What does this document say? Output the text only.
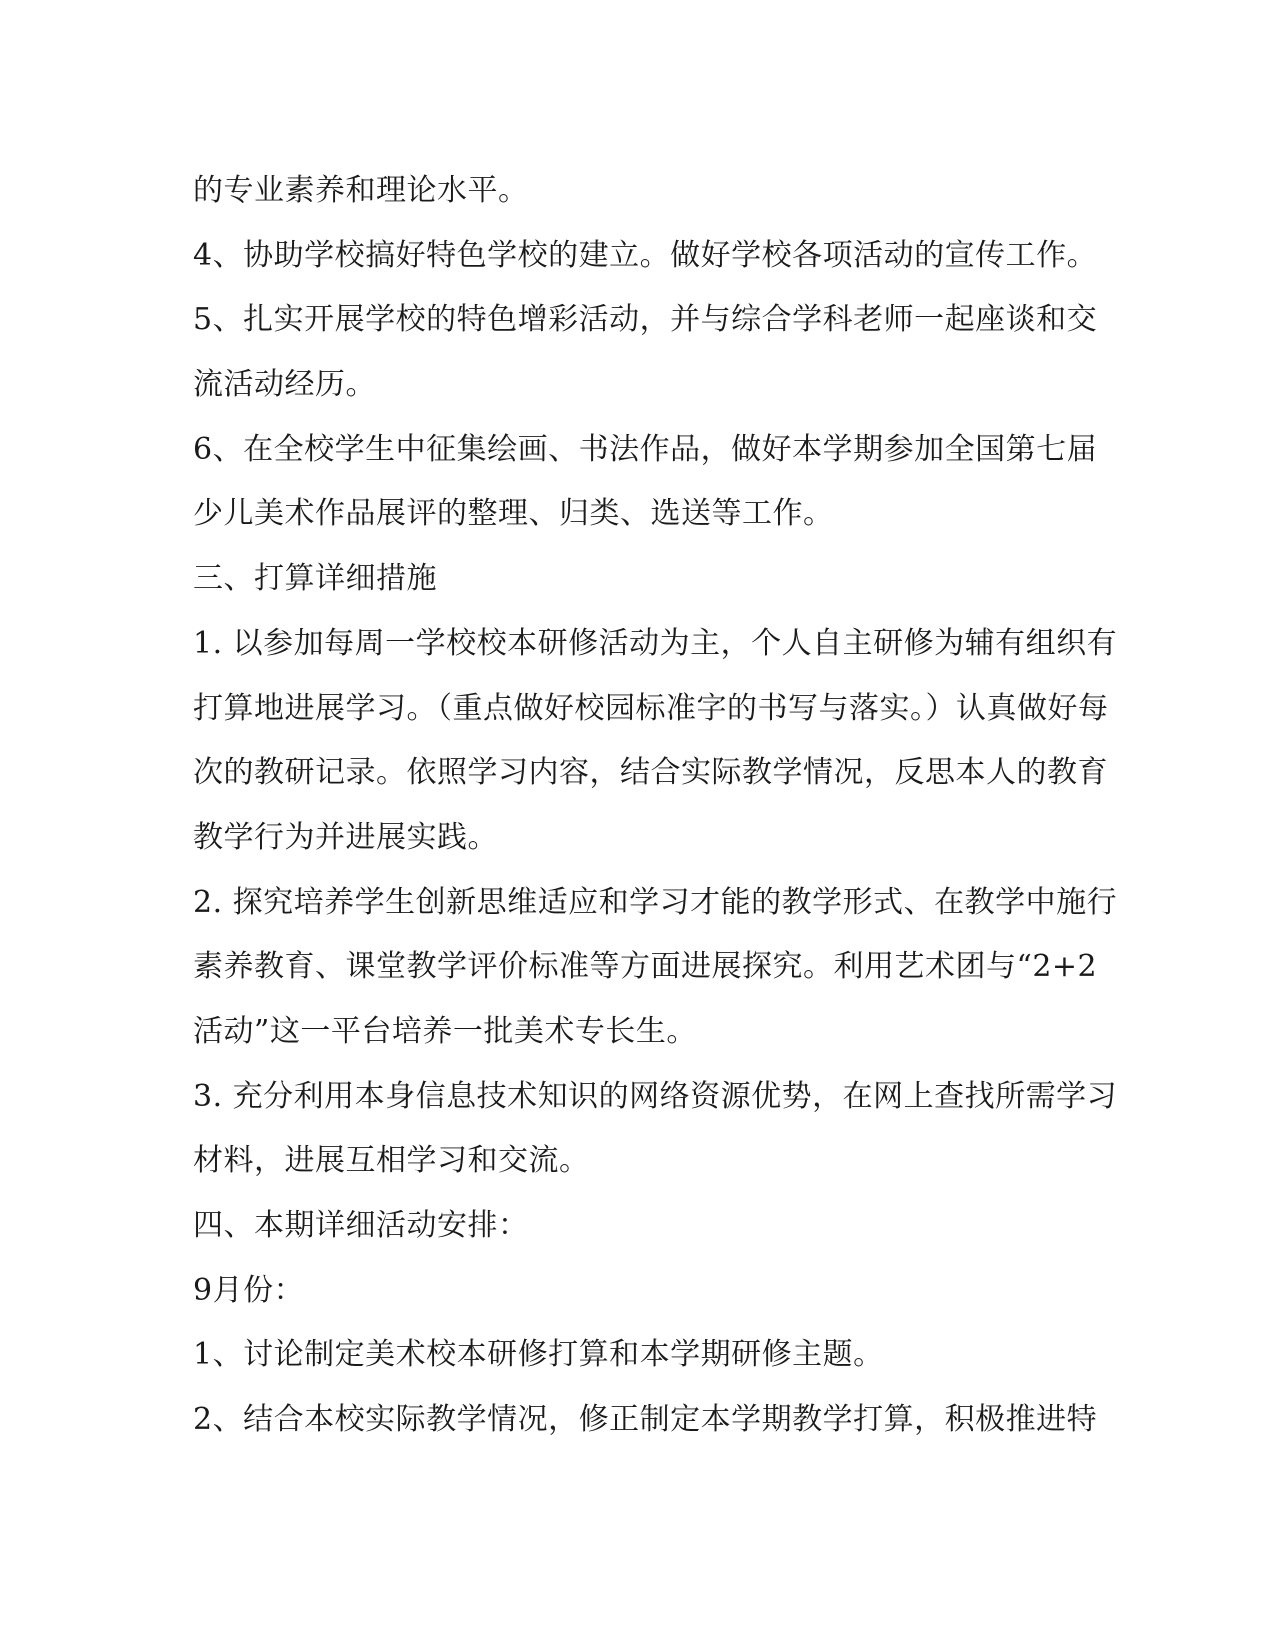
的专业素养和理论水平。
4、协助学校搞好特色学校的建立。做好学校各项活动的宣传工作。
5、扎实开展学校的特色增彩活动，并与综合学科老师一起座谈和交
流活动经历。
6、在全校学生中征集绘画、书法作品，做好本学期参加全国第七届
少儿美术作品展评的整理、归类、选送等工作。
三、打算详细措施
1. 以参加每周一学校校本研修活动为主，个人自主研修为辅有组织有
打算地进展学习。（重点做好校园标准字的书写与落实。）认真做好每
次的教研记录。依照学习内容，结合实际教学情况，反思本人的教育
教学行为并进展实践。
2. 探究培养学生创新思维适应和学习才能的教学形式、在教学中施行
素养教育、课堂教学评价标准等方面进展探究。利用艺术团与“2+2
活动”这一平台培养一批美术专长生。
3. 充分利用本身信息技术知识的网络资源优势，在网上查找所需学习
材料，进展互相学习和交流。
四、本期详细活动安排：
9月份：
1、讨论制定美术校本研修打算和本学期研修主题。
2、结合本校实际教学情况，修正制定本学期教学打算，积极推进特
